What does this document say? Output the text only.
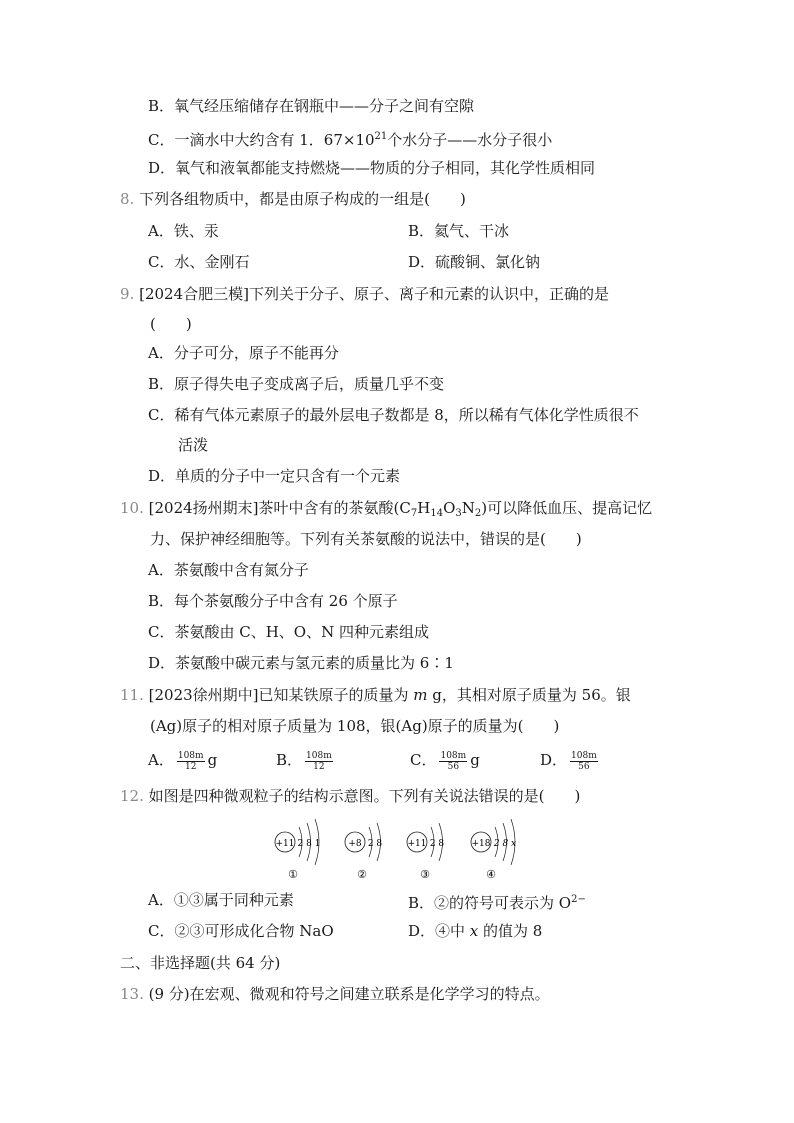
B．氧气经压缩储存在钢瓶中——分子之间有空隙
C．一滴水中大约含有 1．$67\times 10^{21}$个水分子——水分子很小
D．氧气和液氧都能支持燃烧——物质的分子相同，其化学性质相同
8. 下列各组物质中，都是由原子构成的一组是(　　)
A．铁、汞	B．氦气、干冰
C．水、金刚石	D．硫酸铜、氯化钠
9. [2024合肥三模]下列关于分子、原子、离子和元素的认识中，正确的是
(　　)
A．分子可分，原子不能再分
B．原子得失电子变成离子后，质量几乎不变
C．稀有气体元素原子的最外层电子数都是 8，所以稀有气体化学性质很不
活泼
D．单质的分子中一定只含有一个元素
10. [2024扬州期末]茶叶中含有的茶氨酸$(C_7H_{14}O_3N_2)$可以降低血压、提高记忆
力、保护神经细胞等。下列有关茶氨酸的说法中，错误的是(　　)
A．茶氨酸中含有氮分子
B．每个茶氨酸分子中含有 26 个原子
C．茶氨酸由 C、H、O、N 四种元素组成
D．茶氨酸中碳元素与氢元素的质量比为 6∶1
11. [2023徐州期中]已知某铁原子的质量为 m g，其相对原子质量为 56。银
(Ag)原子的相对原子质量为 108，银(Ag)原子的质量为(　　)
A． $\frac{108m}{12}$ g	B． $\frac{108m}{12}$	C． $\frac{108m}{56}$ g	D． $\frac{108m}{56}$
12. 如图是四种微观粒子的结构示意图。下列有关说法错误的是(　　)
+11 2 8 1
①
+8 2 8
②
+11 2 8
③
+18 2 8 x
④
A．①③属于同种元素	B．②的符号可表示为 $O^{2-}$
C．②③可形成化合物 NaO	D．④中 x 的值为 8
二、非选择题(共 64 分)
13. (9 分)在宏观、微观和符号之间建立联系是化学学习的特点。
